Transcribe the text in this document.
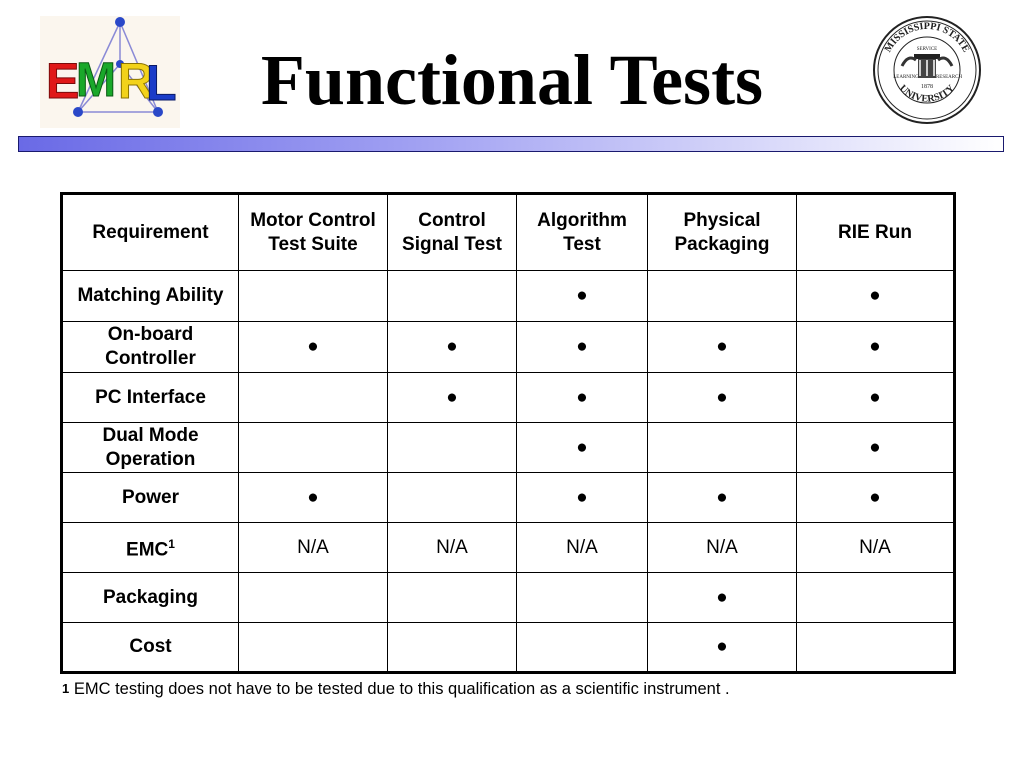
E
M R
L	Functional Tests	MISSISSIPPI STATE
UNIVERSITY
SERVICE
LEARNING	RESEARCH
1878
Requirement	Motor Control Test Suite	Control Signal Test	Algorithm Test	Physical Packaging	RIE Run
Matching Ability			●		●
On-board Controller	●	●	●	●	●
PC Interface		●	●	●	●
Dual Mode Operation			●		●
Power	●		●	●	●
EMC$^1$	N/A	N/A	N/A	N/A	N/A
Packaging				●	
Cost				●	
$^1$ EMC testing does not have to be tested due to this qualification as a scientific instrument .
